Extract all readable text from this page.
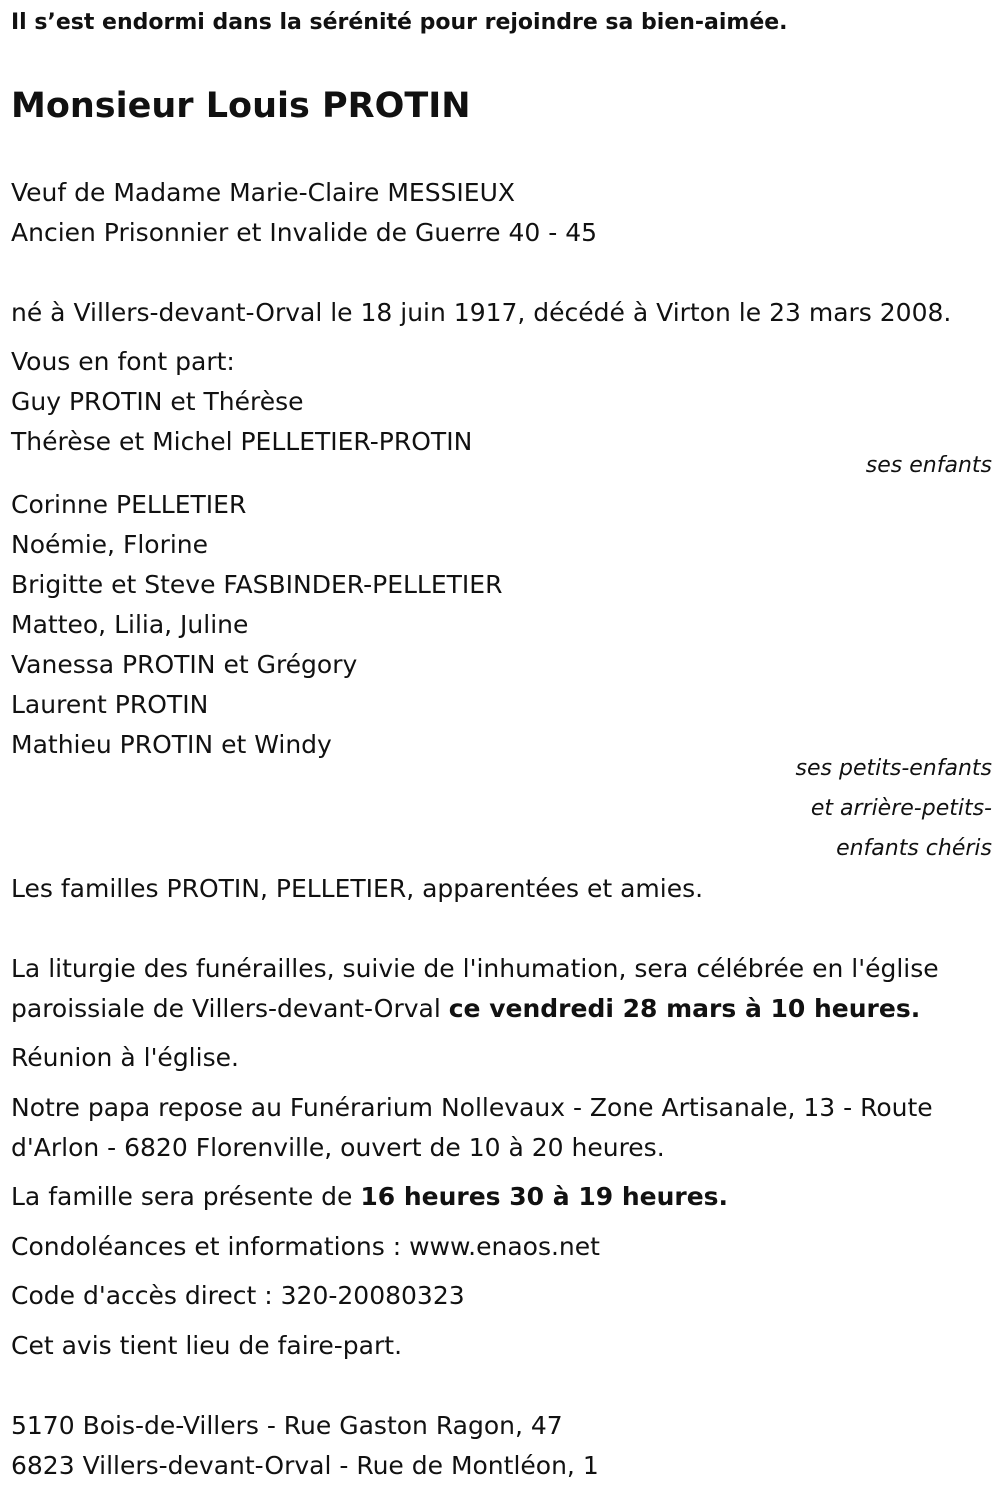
Il s’est endormi dans la sérénité pour rejoindre sa bien-aimée.
Monsieur Louis PROTIN
Veuf de Madame Marie-Claire MESSIEUX
Ancien Prisonnier et Invalide de Guerre 40 - 45
né à Villers-devant-Orval le 18 juin 1917, décédé à Virton le 23 mars 2008.
Vous en font part:
Guy PROTIN et Thérèse
Thérèse et Michel PELLETIER-PROTIN
ses enfants
Corinne PELLETIER
Noémie, Florine
Brigitte et Steve FASBINDER-PELLETIER
Matteo, Lilia, Juline
Vanessa PROTIN et Grégory
Laurent PROTIN
Mathieu PROTIN et Windy
ses petits-enfants
et arrière-petits-
enfants chéris
Les familles PROTIN, PELLETIER, apparentées et amies.
La liturgie des funérailles, suivie de l'inhumation, sera célébrée en l'église
paroissiale de Villers-devant-Orval ce vendredi 28 mars à 10 heures.
Réunion à l'église.
Notre papa repose au Funérarium Nollevaux - Zone Artisanale, 13 - Route
d'Arlon - 6820 Florenville, ouvert de 10 à 20 heures.
La famille sera présente de 16 heures 30 à 19 heures.
Condoléances et informations : www.enaos.net
Code d'accès direct : 320-20080323
Cet avis tient lieu de faire-part.
5170 Bois-de-Villers - Rue Gaston Ragon, 47
6823 Villers-devant-Orval - Rue de Montléon, 1
